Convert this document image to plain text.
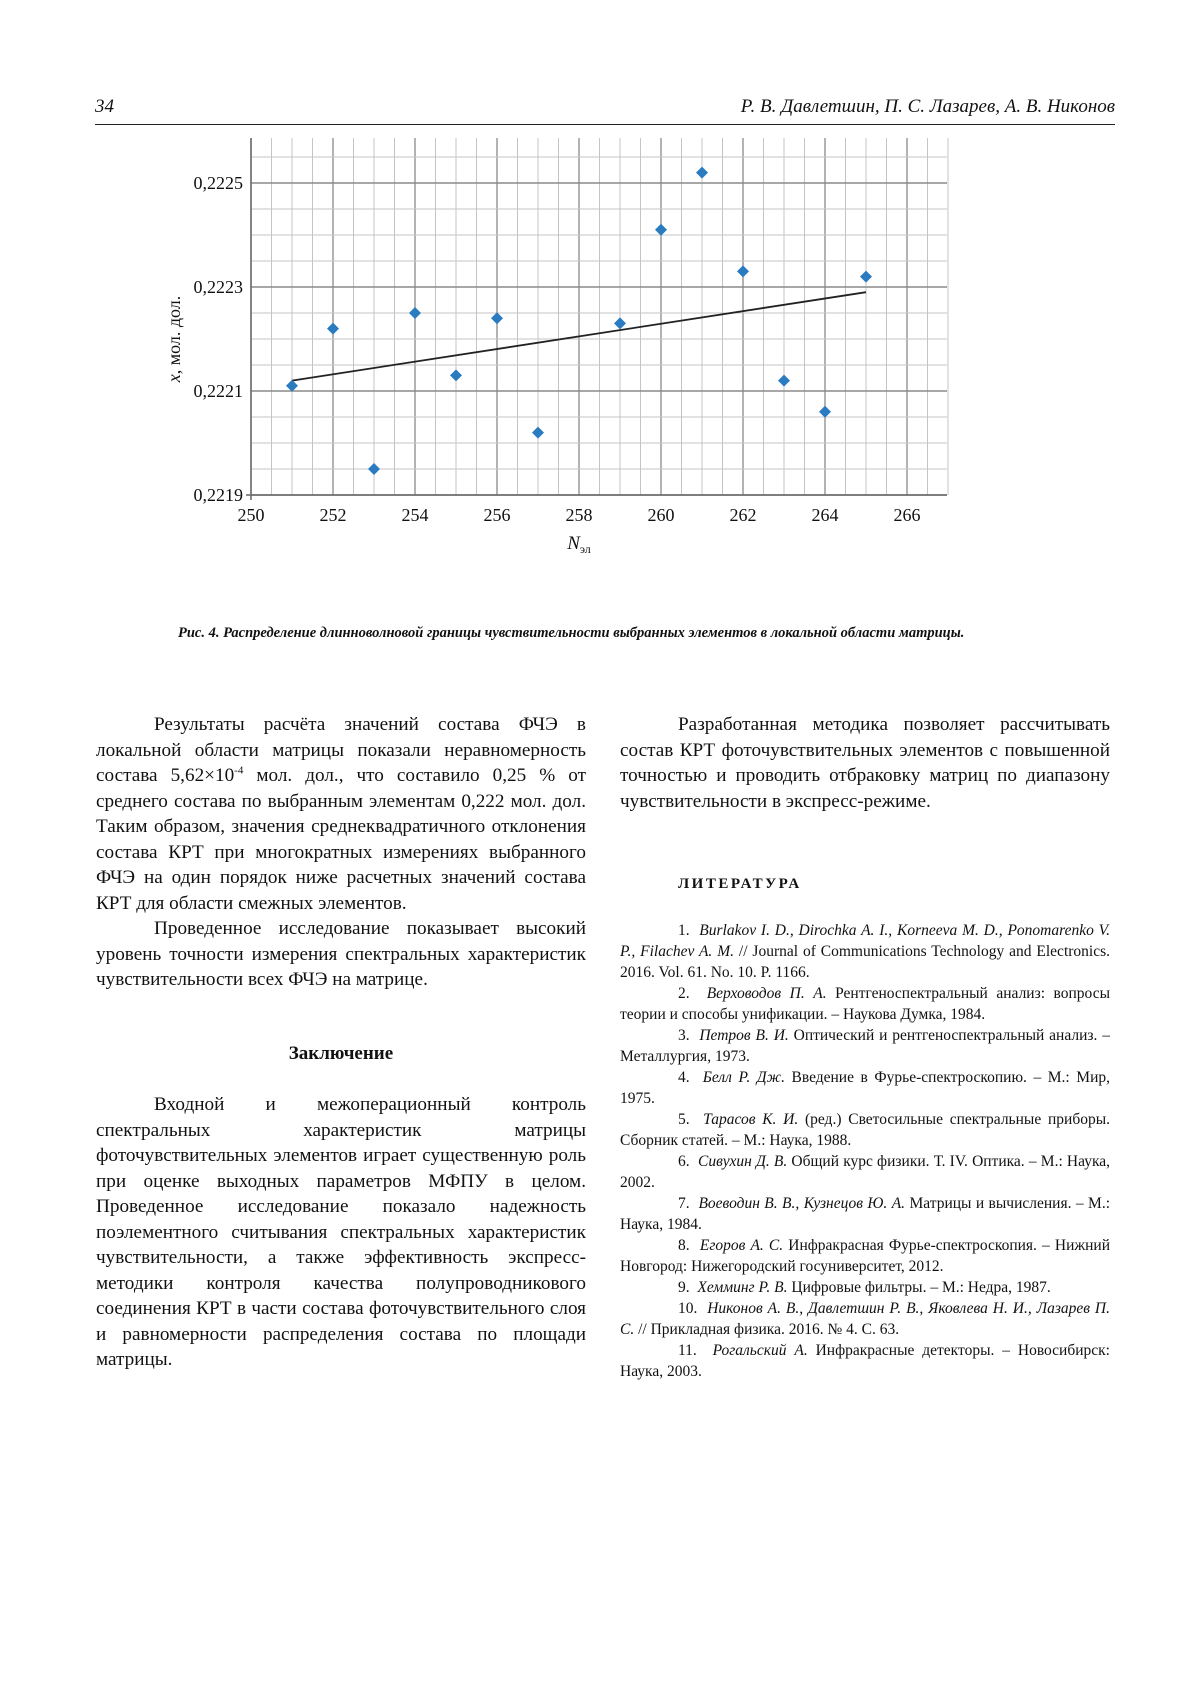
34	Р. В. Давлетшин, П. С. Лазарев, А. В. Никонов
0,2219
0,2221
0,2223
0,2225
250	252	254	256	258	260	262	264	266
$N_{эл}$
x, мол. дол.
Рис. 4. Распределение длинноволновой границы чувствительности выбранных элементов в локальной области матрицы.

Результаты расчёта значений состава ФЧЭ в локальной области матрицы показали неравномерность состава $5,62\times 10^{-4}$ мол. дол., что составило 0,25 % от среднего состава по выбранным элементам 0,222 мол. дол. Таким образом, значения среднеквадратичного отклонения состава КРТ при многократных измерениях выбранного ФЧЭ на один порядок ниже расчетных значений состава КРТ для области смежных элементов.

Проведенное исследование показывает высокий уровень точности измерения спектральных характеристик чувствительности всех ФЧЭ на матрице.

Заключение

Входной и межоперационный контроль спектральных характеристик матрицы фоточувствительных элементов играет существенную роль при оценке выходных параметров МФПУ в целом. Проведенное исследование показало надежность поэлементного считывания спектральных характеристик чувствительности, а также эффективность экспресс-методики контроля качества полупроводникового соединения КРТ в части состава фоточувствительного слоя и равномерности распределения состава по площади матрицы.

Разработанная методика позволяет рассчитывать состав КРТ фоточувствительных элементов с повышенной точностью и проводить отбраковку матриц по диапазону чувствительности в экспресс-режиме.

ЛИТЕРАТУРА

1.  Burlakov I. D., Dirochka A. I., Korneeva M. D., Ponomarenko V. P., Filachev A. M. // Journal of Communications Technology and Electronics. 2016. Vol. 61. No. 10. P. 1166.

2.  Верховодов П. А. Рентгеноспектральный анализ: вопросы теории и способы унификации. – Наукова Думка, 1984.

3.  Петров В. И. Оптический и рентгеноспектральный анализ. – Металлургия, 1973.

4.  Белл Р. Дж. Введение в Фурье-спектроскопию. – М.: Мир, 1975.

5.  Тарасов К. И. (ред.) Светосильные спектральные приборы. Сборник статей. – М.: Наука, 1988.

6.  Сивухин Д. В. Общий курс физики. Т. IV. Оптика. – М.: Наука, 2002.

7.  Воеводин В. В., Кузнецов Ю. А. Матрицы и вычисления. – М.: Наука, 1984.

8.  Егоров А. С. Инфракрасная Фурье-спектроскопия. – Нижний Новгород: Нижегородский госуниверситет, 2012.

9.  Хемминг Р. В. Цифровые фильтры. – М.: Недра, 1987.

10.  Никонов А. В., Давлетшин Р. В., Яковлева Н. И., Лазарев П. С. // Прикладная физика. 2016. № 4. С. 63.

11.  Рогальский А. Инфракрасные детекторы. – Новосибирск: Наука, 2003.
